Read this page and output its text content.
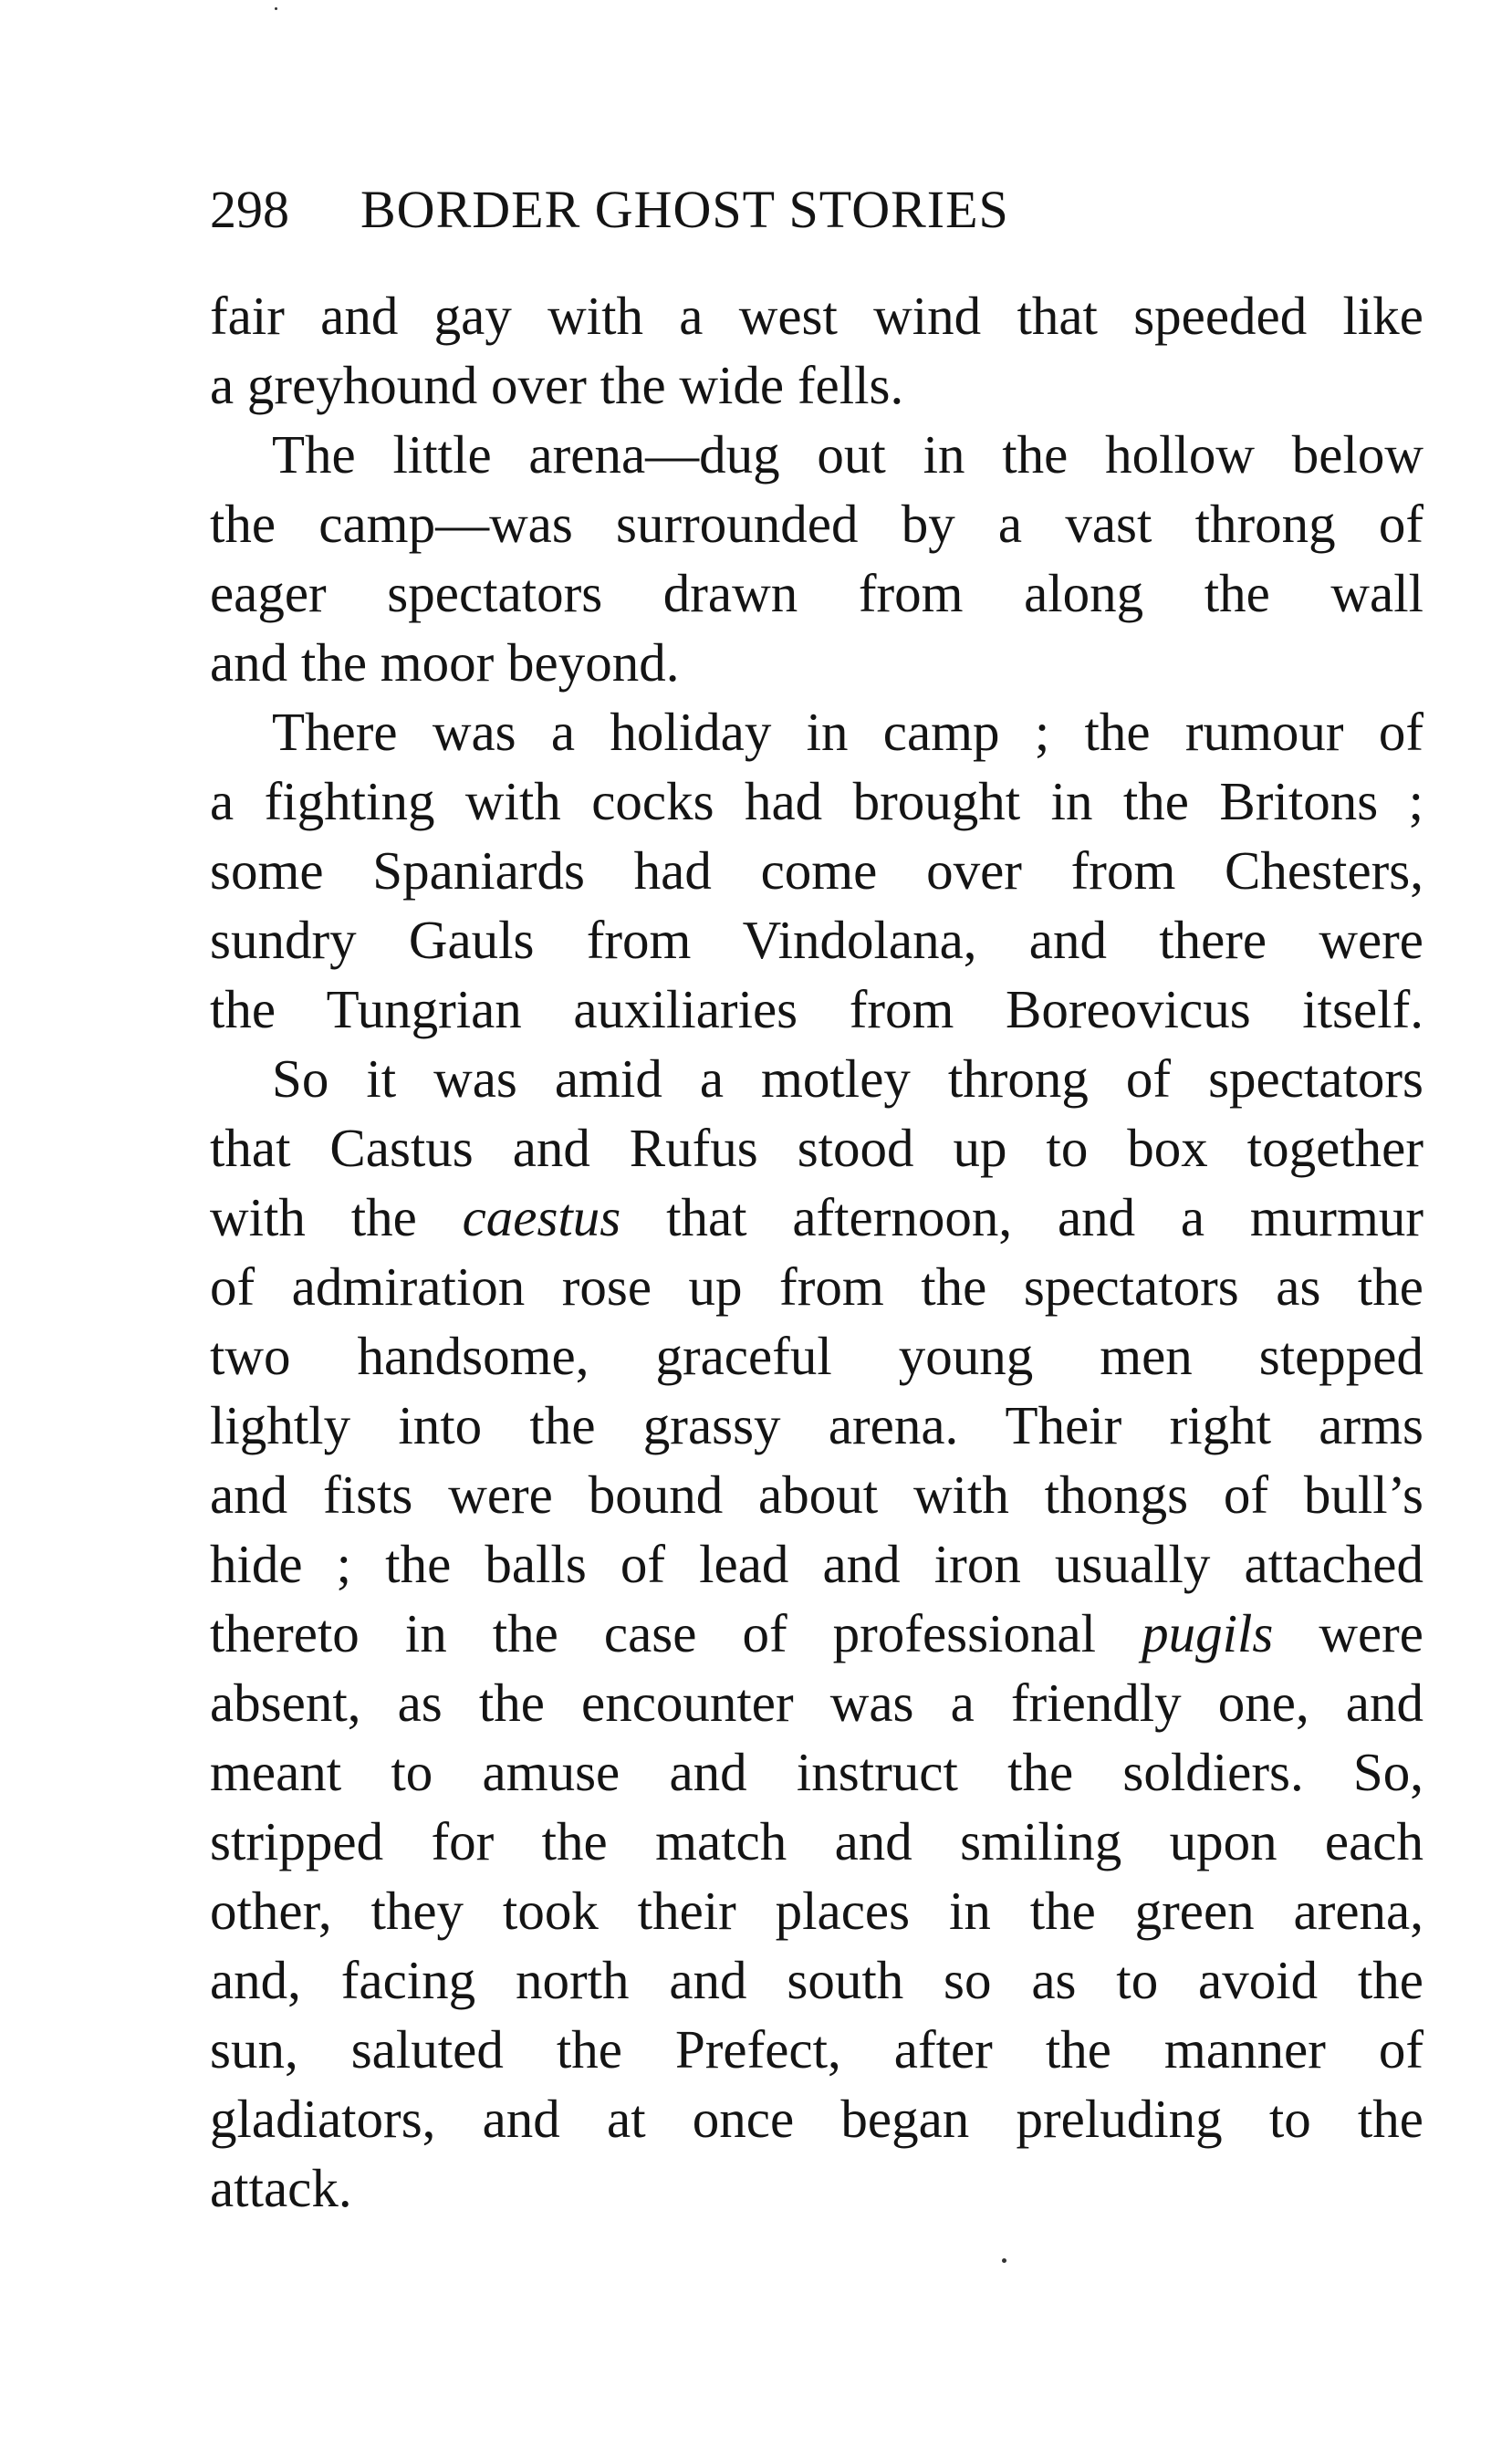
298 BORDER GHOST STORIES
fair and gay with a west wind that speeded like
a greyhound over the wide fells.
The little arena—dug out in the hollow below
the camp—was surrounded by a vast throng of
eager spectators drawn from along the wall
and the moor beyond.
There was a holiday in camp ; the rumour of
a fighting with cocks had brought in the Britons ;
some Spaniards had come over from Chesters,
sundry Gauls from Vindolana, and there were
the Tungrian auxiliaries from Boreovicus itself.
So it was amid a motley throng of spectators
that Castus and Rufus stood up to box together
with the caestus that afternoon, and a murmur
of admiration rose up from the spectators as the
two handsome, graceful young men stepped
lightly into the grassy arena. Their right arms
and fists were bound about with thongs of bull’s
hide ; the balls of lead and iron usually attached
thereto in the case of professional pugils were
absent, as the encounter was a friendly one, and
meant to amuse and instruct the soldiers. So,
stripped for the match and smiling upon each
other, they took their places in the green arena,
and, facing north and south so as to avoid the
sun, saluted the Prefect, after the manner of
gladiators, and at once began preluding to the
attack.
